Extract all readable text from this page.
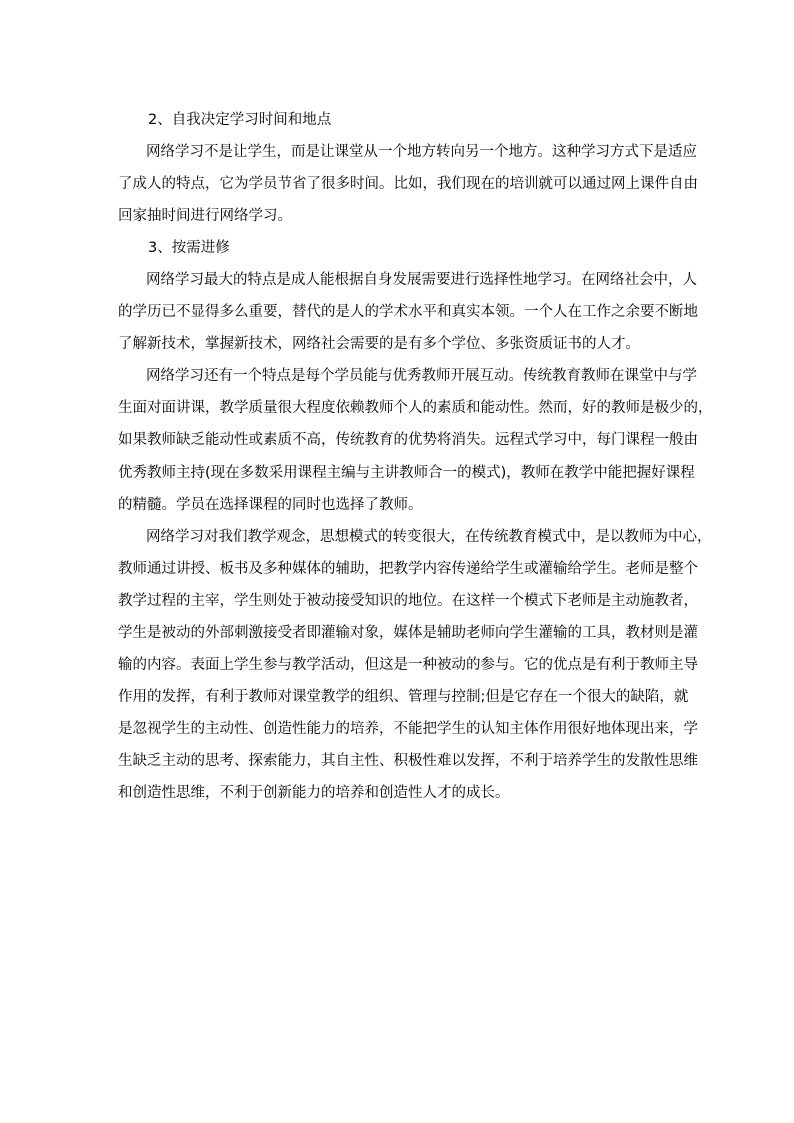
2、自我决定学习时间和地点
网络学习不是让学生，而是让课堂从一个地方转向另一个地方。这种学习方式下是适应
了成人的特点，它为学员节省了很多时间。比如，我们现在的培训就可以通过网上课件自由
回家抽时间进行网络学习。
3、按需进修
网络学习最大的特点是成人能根据自身发展需要进行选择性地学习。在网络社会中，人
的学历已不显得多么重要，替代的是人的学术水平和真实本领。一个人在工作之余要不断地
了解新技术，掌握新技术，网络社会需要的是有多个学位、多张资质证书的人才。
网络学习还有一个特点是每个学员能与优秀教师开展互动。传统教育教师在课堂中与学
生面对面讲课，教学质量很大程度依赖教师个人的素质和能动性。然而，好的教师是极少的，
如果教师缺乏能动性或素质不高，传统教育的优势将消失。远程式学习中，每门课程一般由
优秀教师主持(现在多数采用课程主编与主讲教师合一的模式)，教师在教学中能把握好课程
的精髓。学员在选择课程的同时也选择了教师。
网络学习对我们教学观念，思想模式的转变很大，在传统教育模式中，是以教师为中心，
教师通过讲授、板书及多种媒体的辅助，把教学内容传递给学生或灌输给学生。老师是整个
教学过程的主宰，学生则处于被动接受知识的地位。在这样一个模式下老师是主动施教者，
学生是被动的外部刺激接受者即灌输对象，媒体是辅助老师向学生灌输的工具，教材则是灌
输的内容。表面上学生参与教学活动，但这是一种被动的参与。它的优点是有利于教师主导
作用的发挥，有利于教师对课堂教学的组织、管理与控制;但是它存在一个很大的缺陷，就
是忽视学生的主动性、创造性能力的培养，不能把学生的认知主体作用很好地体现出来，学
生缺乏主动的思考、探索能力，其自主性、积极性难以发挥，不利于培养学生的发散性思维
和创造性思维，不利于创新能力的培养和创造性人才的成长。
